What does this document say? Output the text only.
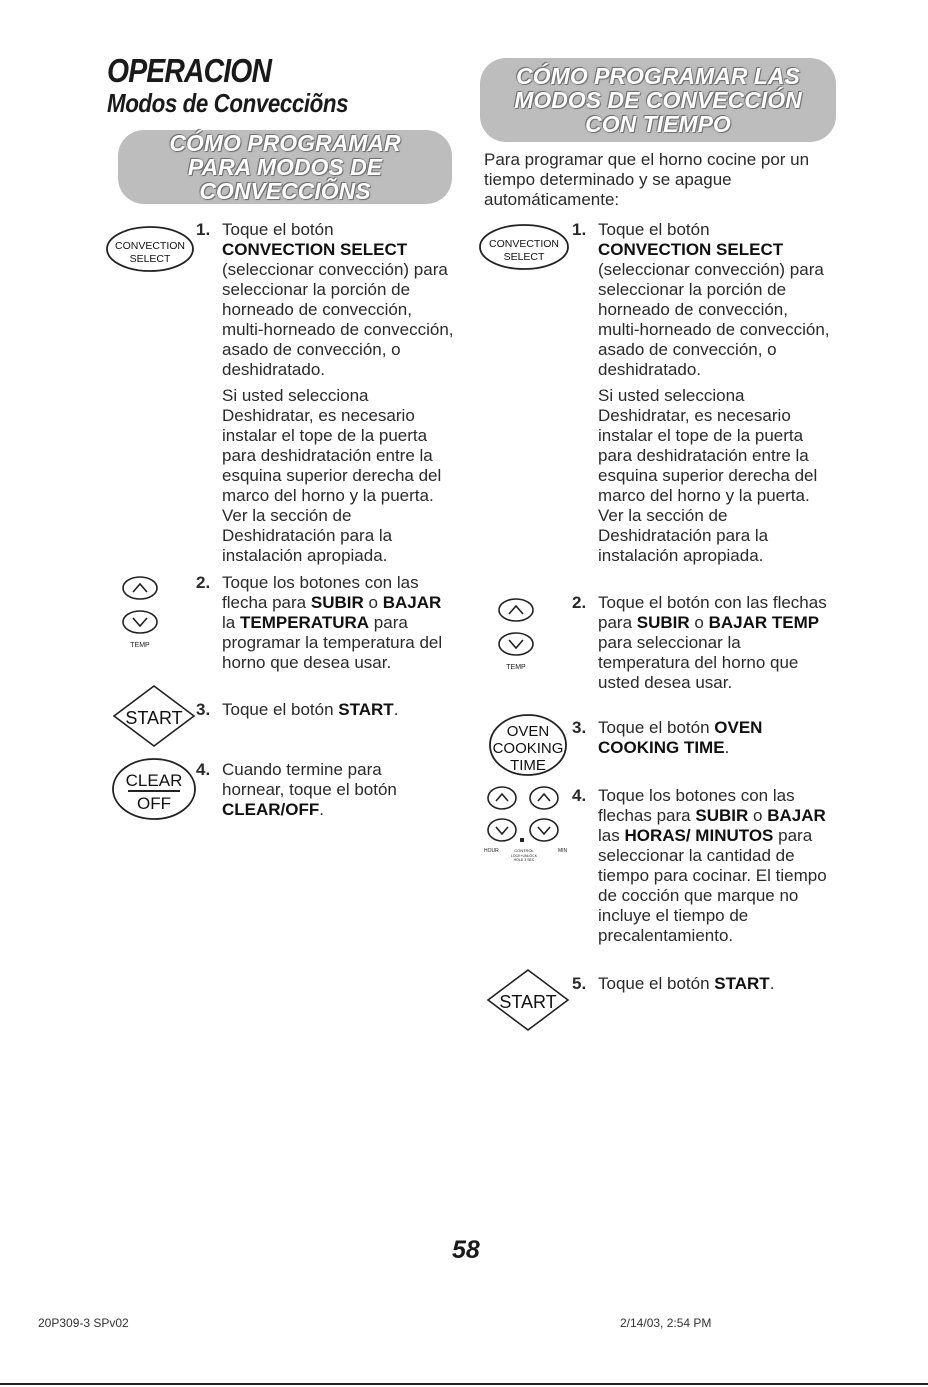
OPERACION
Modos de Convecciõns
CÓMO PROGRAMAR
PARA MODOS DE
CONVECCIÕNS
CÓMO PROGRAMAR LAS
MODOS DE CONVECCIÓN
CON TIEMPO
CONVECTION
SELECT
1. Toque el botón
CONVECTION SELECT
(seleccionar convección) para seleccionar la porción de horneado de convección, multi-horneado de convección, asado de convección, o deshidratado.

Si usted selecciona Deshidratar, es necesario instalar el tope de la puerta para deshidratación entre la esquina superior derecha del marco del horno y la puerta. Ver la sección de Deshidratación para la instalación apropiada.

TEMP
2. Toque los botones con las flecha para SUBIR o BAJAR la TEMPERATURA para programar la temperatura del horno que desea usar.

START 3. Toque el botón START.

CLEAR
OFF
4. Cuando termine para hornear, toque el botón CLEAR/OFF.

Para programar que el horno cocine por un tiempo determinado y se apague automáticamente:
CONVECTION
SELECT
1. Toque el botón
CONVECTION SELECT
(seleccionar convección) para seleccionar la porción de horneado de convección, multi-horneado de convección, asado de convección, o deshidratado.

Si usted selecciona Deshidratar, es necesario instalar el tope de la puerta para deshidratación entre la esquina superior derecha del marco del horno y la puerta. Ver la sección de Deshidratación para la instalación apropiada.

TEMP
2. Toque el botón con las flechas para SUBIR o BAJAR TEMP para seleccionar la temperatura del horno que usted desea usar.

OVEN
COOKING
TIME
3. Toque el botón OVEN COOKING TIME.

HOUR	CONTROL	MIN
LOCK+UNLOCK
HOLD 3 SEC
4. Toque los botones con las flechas para SUBIR o BAJAR las HORAS/ MINUTOS para seleccionar la cantidad de tiempo para cocinar. El tiempo de cocción que marque no incluye el tiempo de precalentamiento.

START
5. Toque el botón START.

58
20P309-3 SPv02	2/14/03, 2:54 PM
